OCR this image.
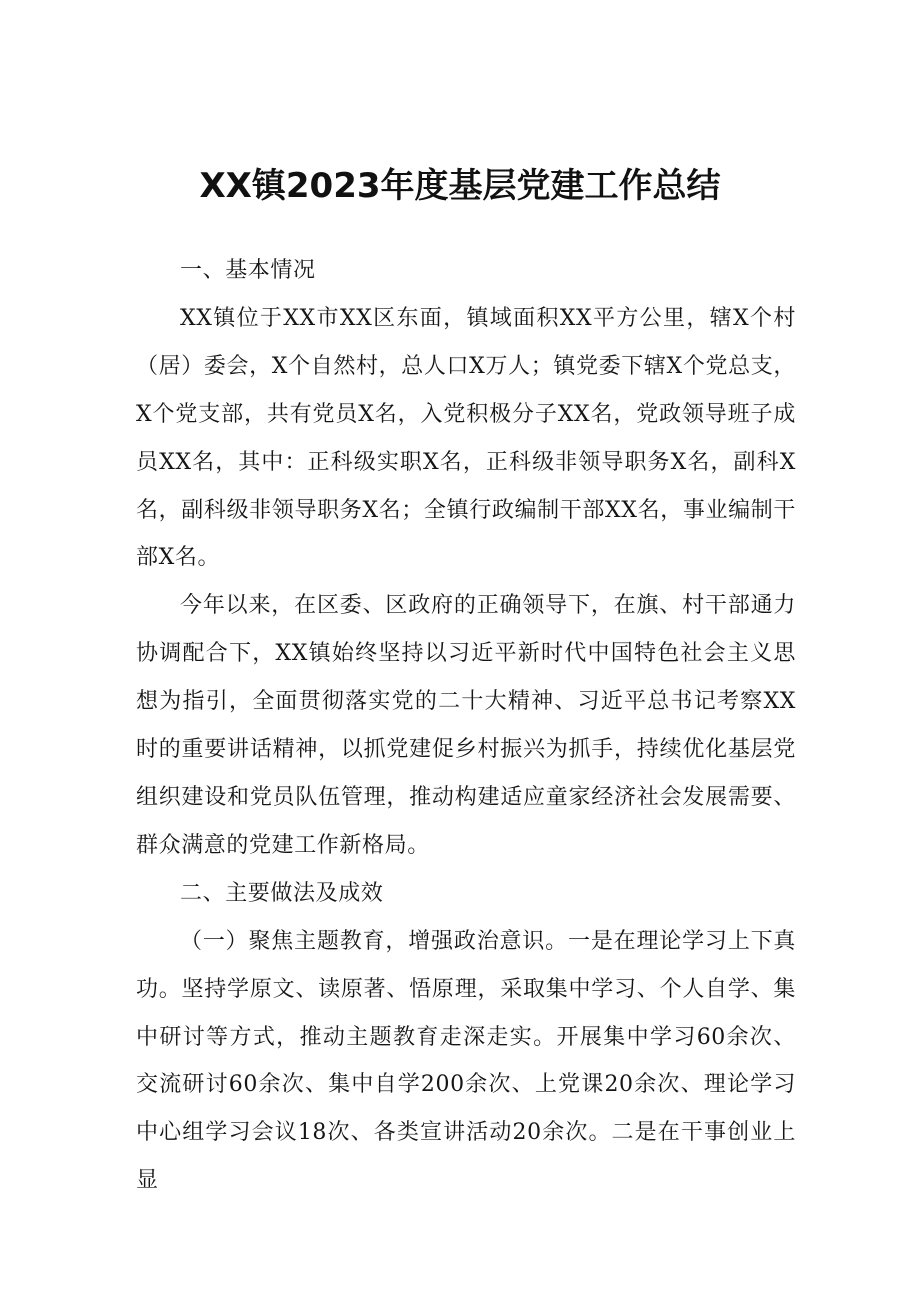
XX镇2023年度基层党建工作总结

一、基本情况

XX镇位于XX市XX区东面，镇域面积XX平方公里，辖X个村（居）委会，X个自然村，总人口X万人；镇党委下辖X个党总支，X个党支部，共有党员X名，入党积极分子XX名，党政领导班子成员XX名，其中：正科级实职X名，正科级非领导职务X名，副科X名，副科级非领导职务X名；全镇行政编制干部XX名，事业编制干部X名。

今年以来，在区委、区政府的正确领导下，在旗、村干部通力协调配合下，XX镇始终坚持以习近平新时代中国特色社会主义思想为指引，全面贯彻落实党的二十大精神、习近平总书记考察XX时的重要讲话精神，以抓党建促乡村振兴为抓手，持续优化基层党组织建设和党员队伍管理，推动构建适应童家经济社会发展需要、群众满意的党建工作新格局。

二、主要做法及成效

（一）聚焦主题教育，增强政治意识。一是在理论学习上下真功。坚持学原文、读原著、悟原理，采取集中学习、个人自学、集中研讨等方式，推动主题教育走深走实。开展集中学习60余次、交流研讨60余次、集中自学200余次、上党课20余次、理论学习中心组学习会议18次、各类宣讲活动20余次。二是在干事创业上显
